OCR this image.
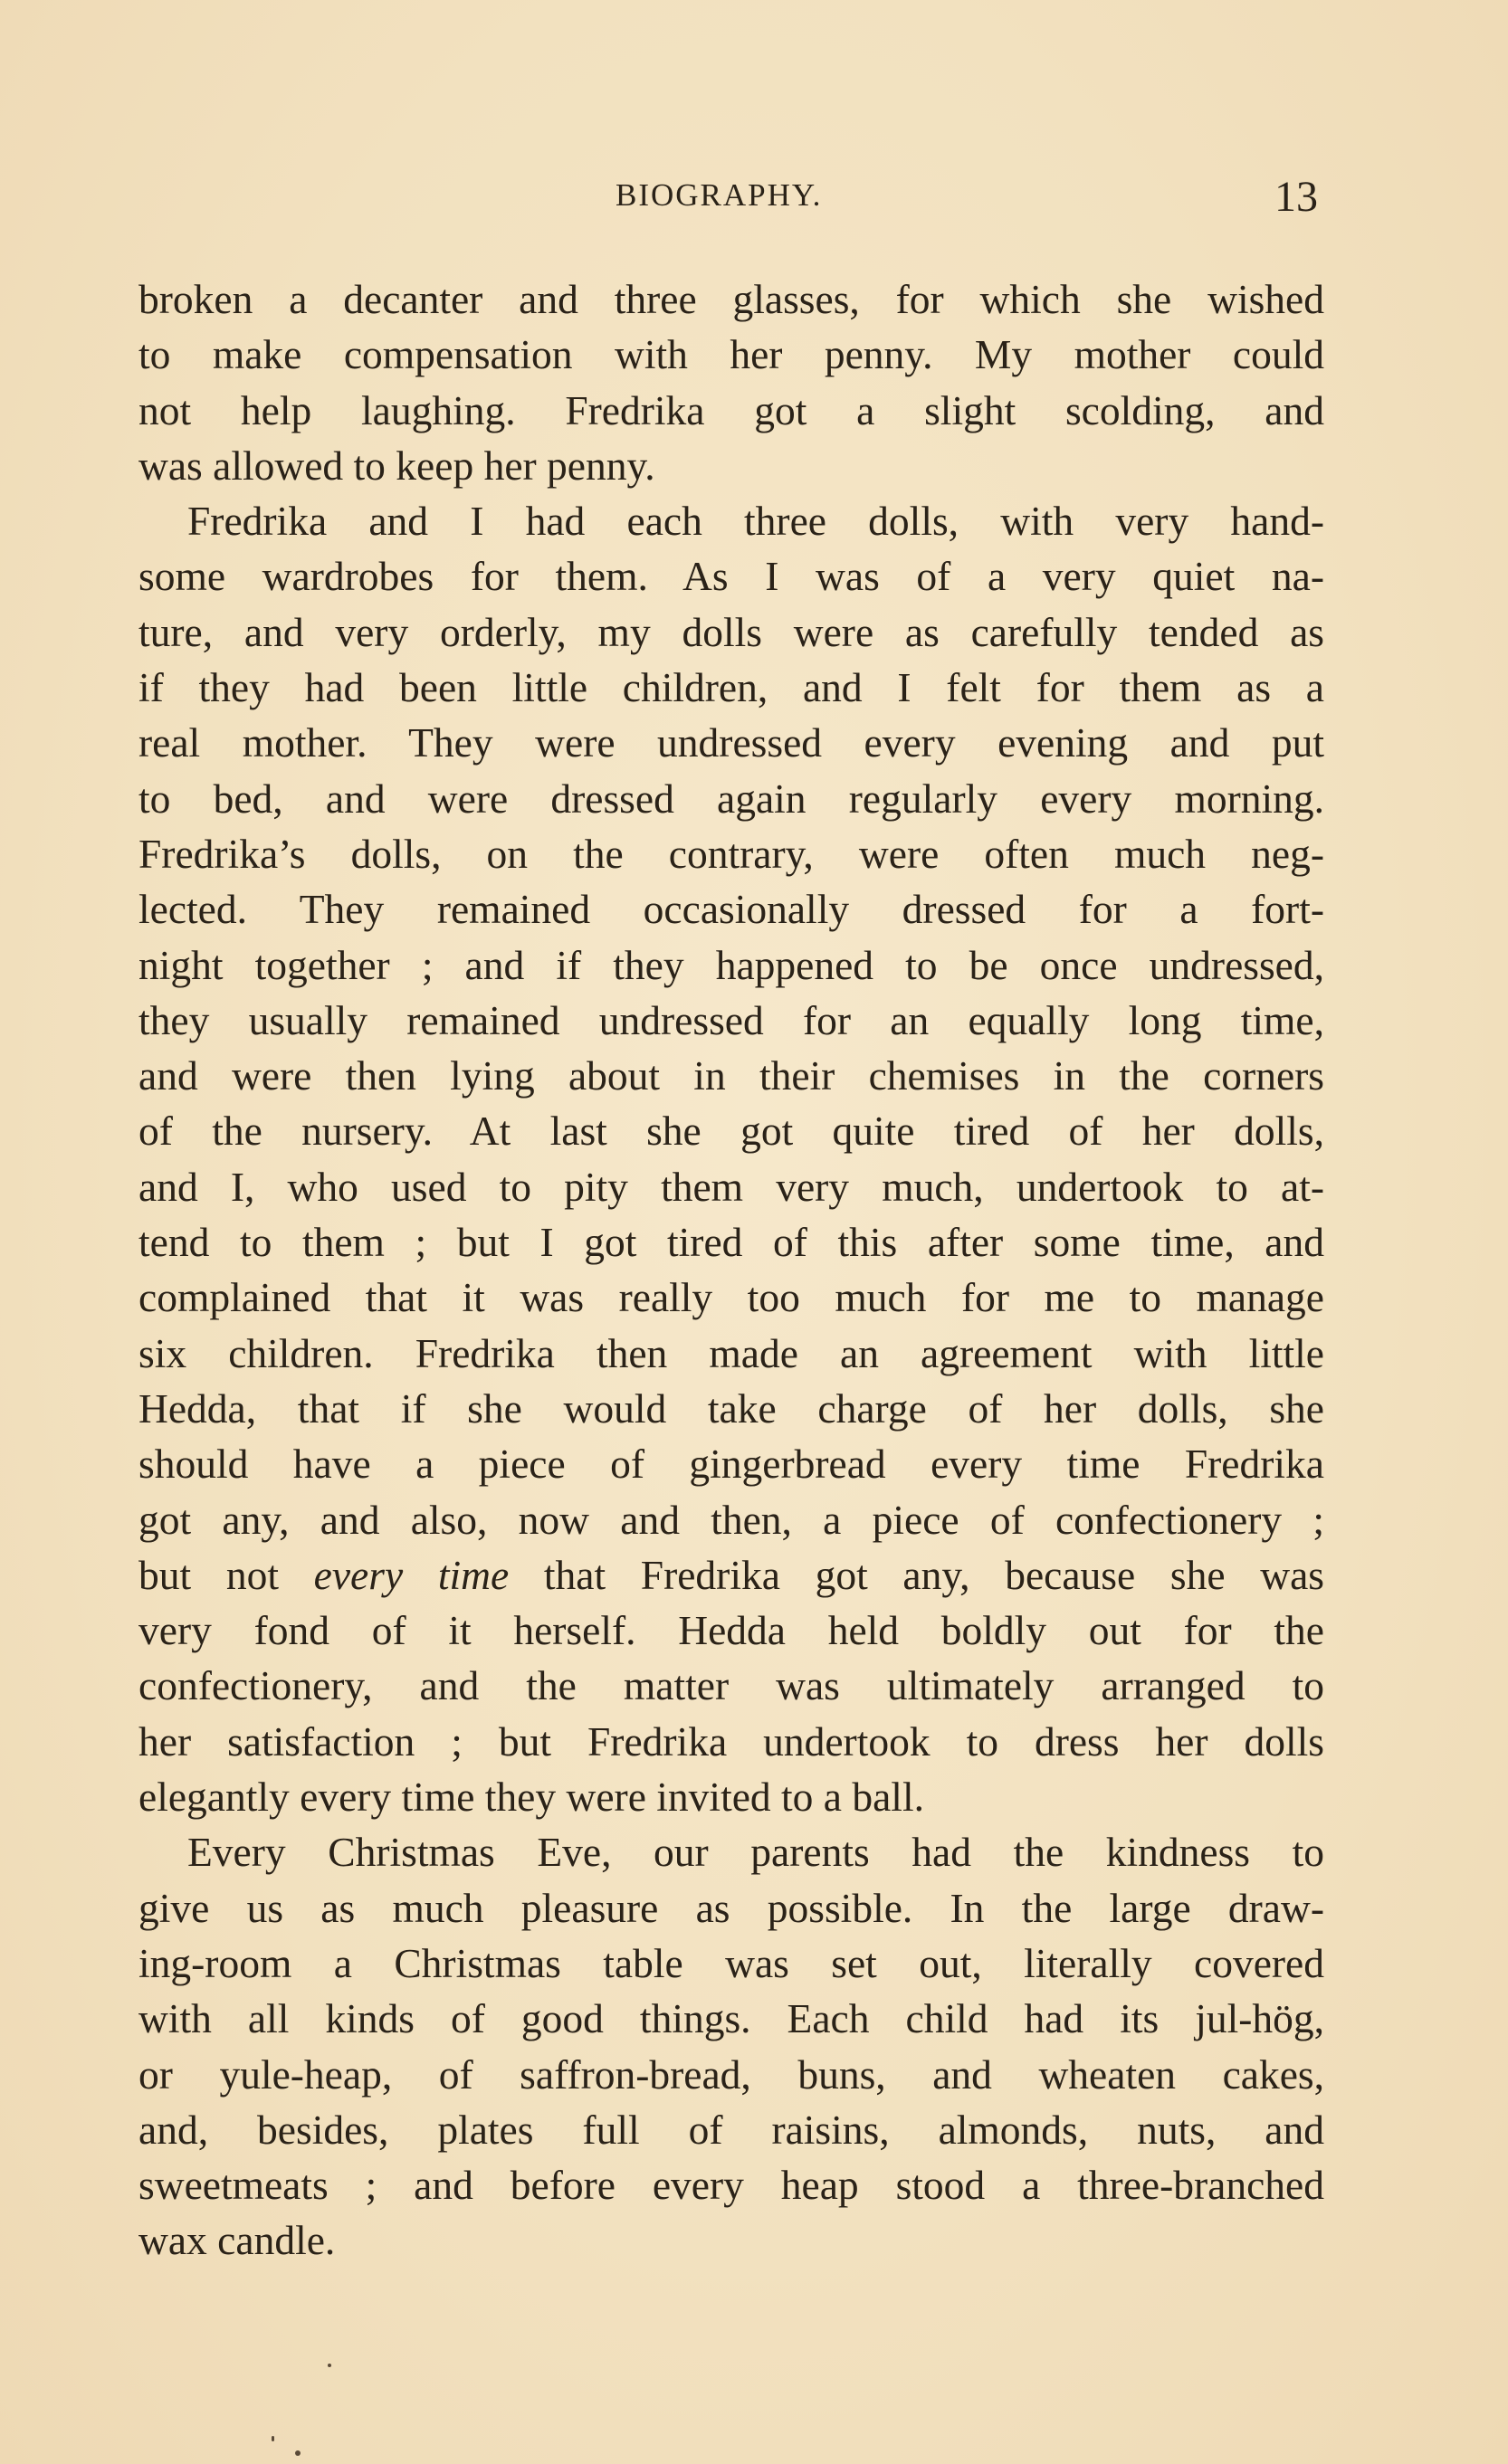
BIOGRAPHY.	13
broken a decanter and three glasses, for which she wished
to make compensation with her penny. My mother could
not help laughing. Fredrika got a slight scolding, and
was allowed to keep her penny.
Fredrika and I had each three dolls, with very hand-
some wardrobes for them. As I was of a very quiet na-
ture, and very orderly, my dolls were as carefully tended as
if they had been little children, and I felt for them as a
real mother. They were undressed every evening and put
to bed, and were dressed again regularly every morning.
Fredrika’s dolls, on the contrary, were often much neg-
lected. They remained occasionally dressed for a fort-
night together ; and if they happened to be once undressed,
they usually remained undressed for an equally long time,
and were then lying about in their chemises in the corners
of the nursery. At last she got quite tired of her dolls,
and I, who used to pity them very much, undertook to at-
tend to them ; but I got tired of this after some time, and
complained that it was really too much for me to manage
six children. Fredrika then made an agreement with little
Hedda, that if she would take charge of her dolls, she
should have a piece of gingerbread every time Fredrika
got any, and also, now and then, a piece of confectionery ;
but not every time that Fredrika got any, because she was
very fond of it herself. Hedda held boldly out for the
confectionery, and the matter was ultimately arranged to
her satisfaction ; but Fredrika undertook to dress her dolls
elegantly every time they were invited to a ball.
Every Christmas Eve, our parents had the kindness to
give us as much pleasure as possible. In the large draw-
ing-room a Christmas table was set out, literally covered
with all kinds of good things. Each child had its jul-hög,
or yule-heap, of saffron-bread, buns, and wheaten cakes,
and, besides, plates full of raisins, almonds, nuts, and
sweetmeats ; and before every heap stood a three-branched
wax candle.
